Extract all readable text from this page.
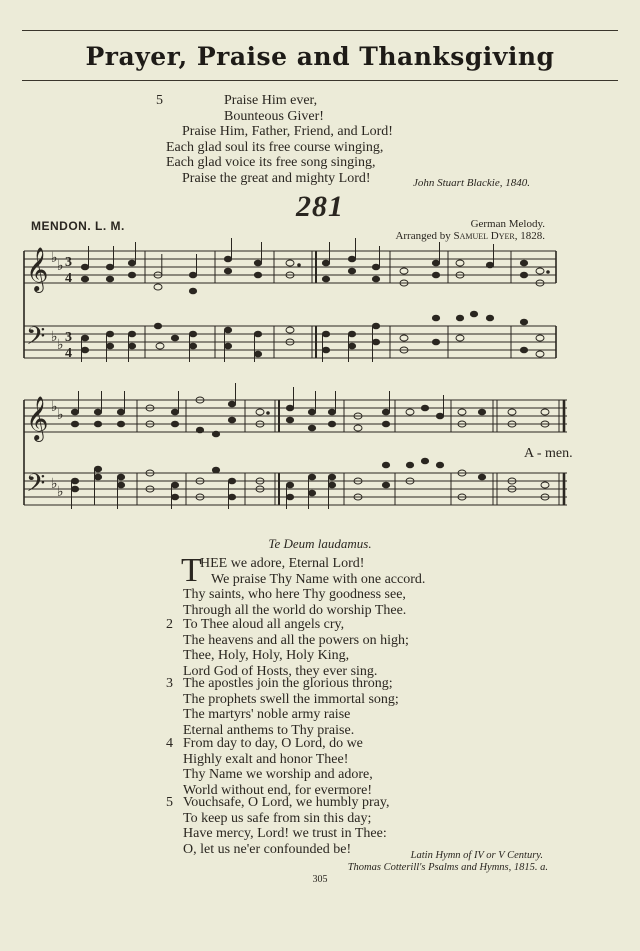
Prayer, Praise and Thanksgiving
5	Praise Him ever,
Bounteous Giver!
Praise Him, Father, Friend, and Lord!
Each glad soul its free course winging,
Each glad voice its free song singing,
Praise the great and mighty Lord!	John Stuart Blackie, 1840.
281
MENDON. L. M.	German Melody.
Arranged by Samuel Dyer, 1828.
𝄞
𝄢
♭ ♭
♭ ♭
3
4
3
4
𝄞
𝄢
♭ ♭
♭ ♭
A - men.
Te Deum laudamus.
T
HEE we adore, Eternal Lord!
We praise Thy Name with one accord.
Thy saints, who here Thy goodness see,
Through all the world do worship Thee.
2 To Thee aloud all angels cry,
The heavens and all the powers on high;
Thee, Holy, Holy, Holy King,
Lord God of Hosts, they ever sing.
3 The apostles join the glorious throng;
The prophets swell the immortal song;
The martyrs' noble army raise
Eternal anthems to Thy praise.
4 From day to day, O Lord, do we
Highly exalt and honor Thee!
Thy Name we worship and adore,
World without end, for evermore!
5 Vouchsafe, O Lord, we humbly pray,
To keep us safe from sin this day;
Have mercy, Lord! we trust in Thee:
O, let us ne'er confounded be!	Latin Hymn of IV or V Century.
Thomas Cotterill's Psalms and Hymns, 1815. a.
305
